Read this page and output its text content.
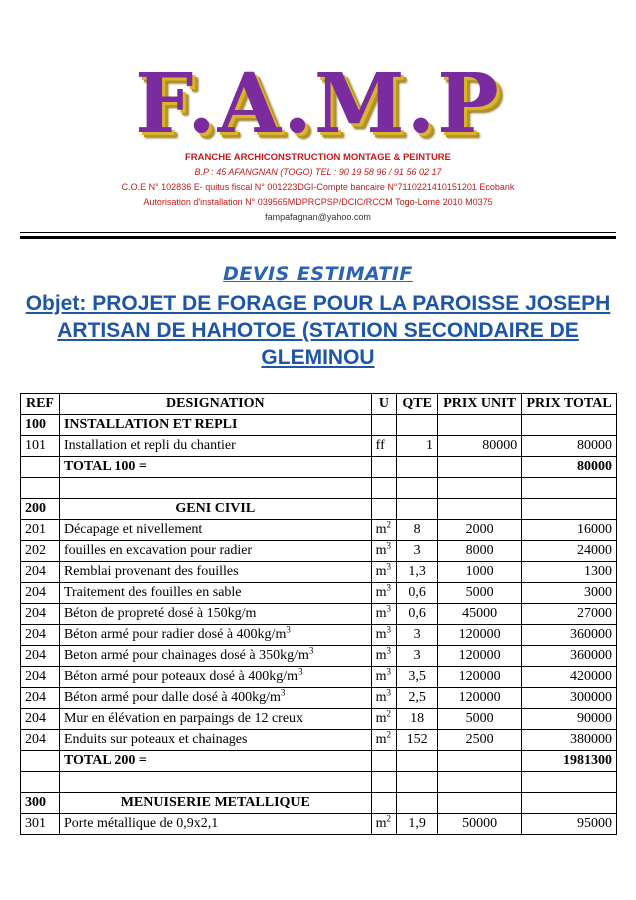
F.A.M.P
FRANCHE ARCHICONSTRUCTION MONTAGE & PEINTURE
B.P : 45 AFANGNAN (TOGO) TEL : 90 19 58 96 / 91 56 02 17
C.O.E N° 102836 E- quitus fiscal N° 001223DGI-Compte bancaire N°7110221410151201 Ecobank
Autorisation d'installation N° 039565MDPRCPSP/DCIC/RCCM Togo-Lomé 2010 M0375
fampafagnan@yahoo.com
DEVIS ESTIMATIF
Objet: PROJET DE FORAGE POUR LA PAROISSE JOSEPH ARTISAN DE HAHOTOE (STATION SECONDAIRE DE GLEMINOU
REF	DESIGNATION	U	QTE	PRIX UNIT	PRIX TOTAL
100	INSTALLATION ET REPLI				
101	Installation et repli du chantier	ff	1	80000	80000
	TOTAL 100 =				80000

200	GENI CIVIL				
201	Décapage et nivellement	$m^2$	8	2000	16000
202	fouilles en excavation pour radier	$m^3$	3	8000	24000
204	Remblai provenant des fouilles	$m^3$	1,3	1000	1300
204	Traitement des fouilles en sable	$m^3$	0,6	5000	3000
204	Béton de propreté dosé à 150kg/m	$m^3$	0,6	45000	27000
204	Béton armé pour radier dosé à $400kg/m^3$	$m^3$	3	120000	360000
204	Beton armé pour chainages dosé à $350kg/m^3$	$m^3$	3	120000	360000
204	Béton armé pour poteaux dosé à $400kg/m^3$	$m^3$	3,5	120000	420000
204	Béton armé pour dalle dosé à $400kg/m^3$	$m^3$	2,5	120000	300000
204	Mur en élévation en parpaings de 12 creux	$m^2$	18	5000	90000
204	Enduits sur poteaux et chainages	$m^2$	152	2500	380000
	TOTAL 200 =				1981300

300	MENUISERIE METALLIQUE				
301	Porte métallique de 0,9x2,1	$m^2$	1,9	50000	95000
